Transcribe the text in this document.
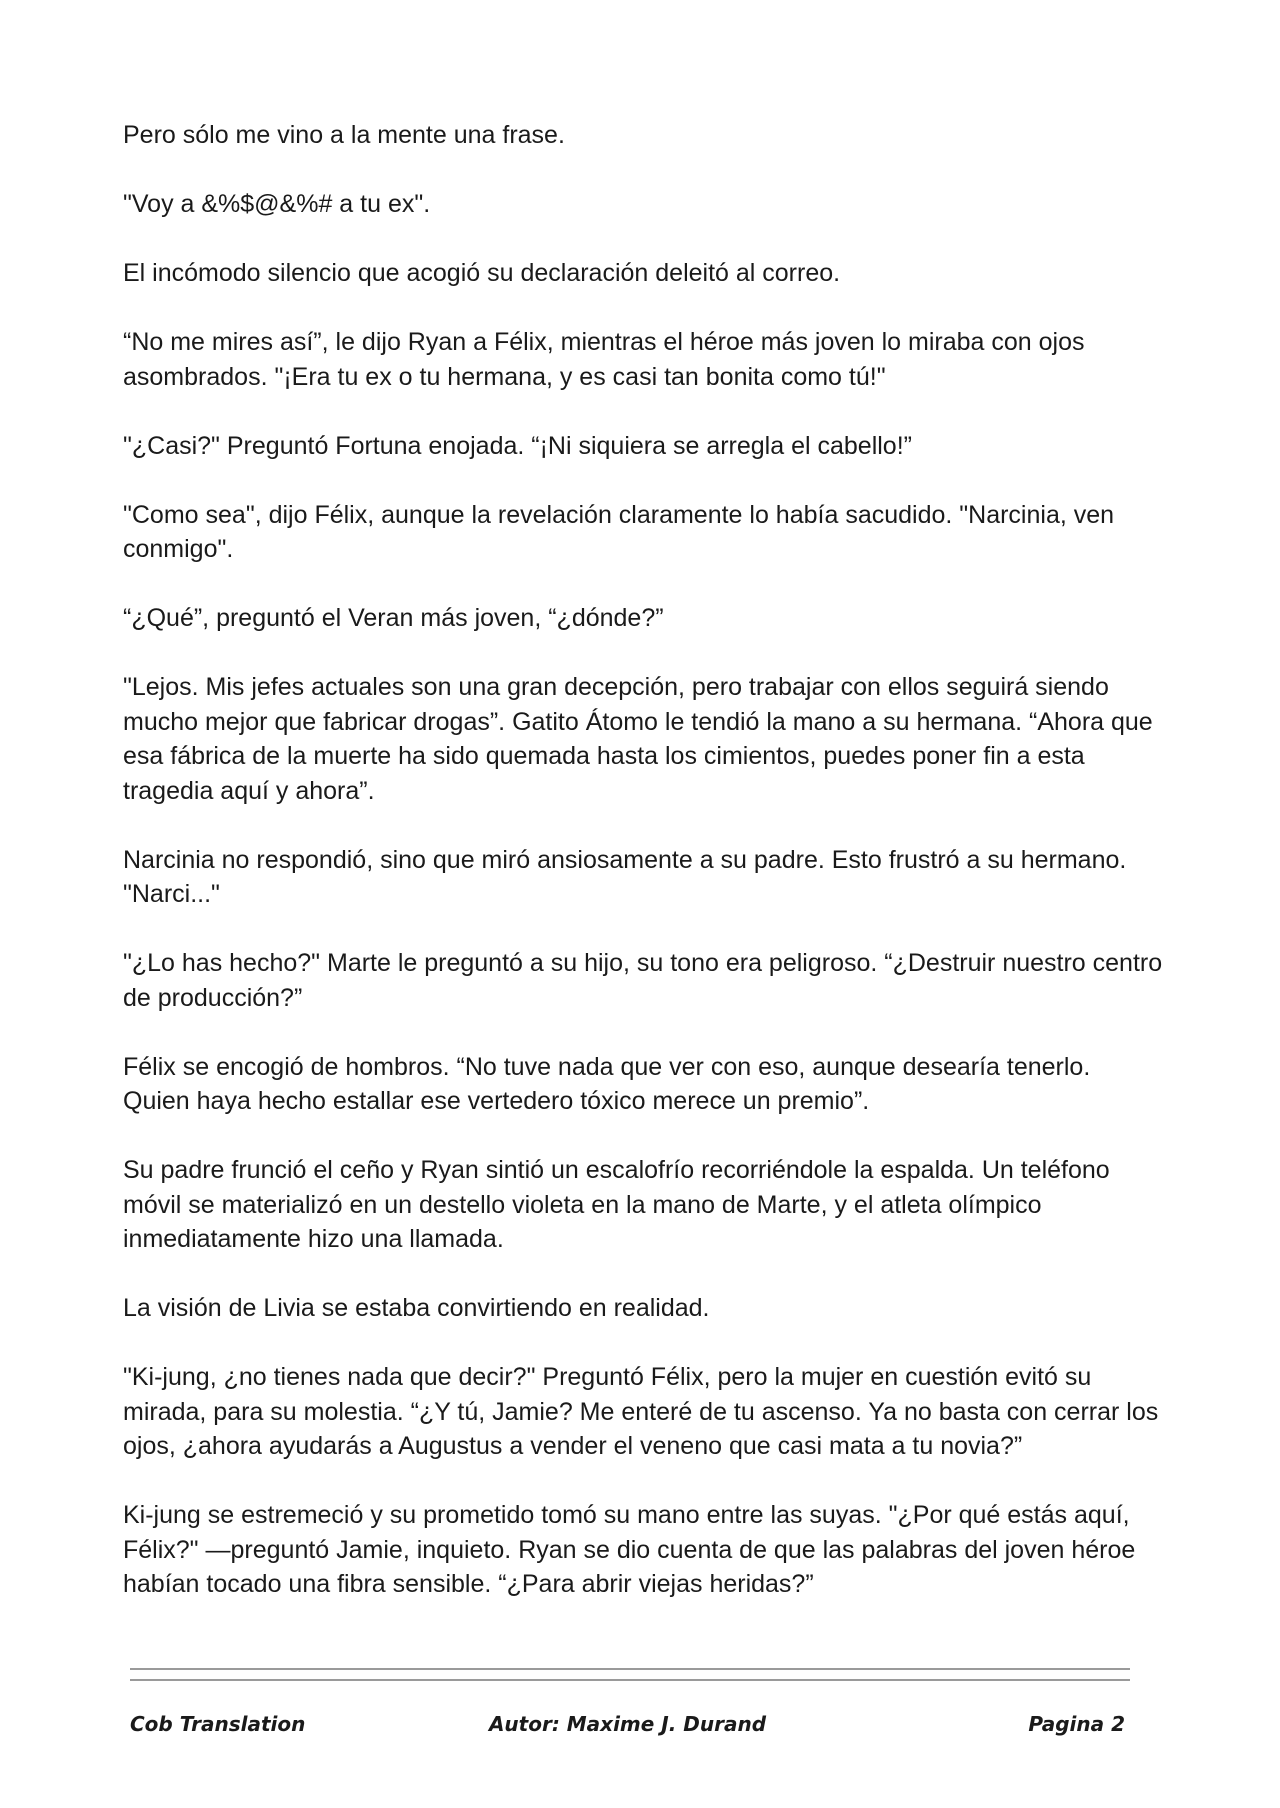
Pero sólo me vino a la mente una frase.

"Voy a &%$@&%# a tu ex".

El incómodo silencio que acogió su declaración deleitó al correo.

“No me mires así”, le dijo Ryan a Félix, mientras el héroe más joven lo miraba con ojos asombrados. "¡Era tu ex o tu hermana, y es casi tan bonita como tú!"

"¿Casi?" Preguntó Fortuna enojada. “¡Ni siquiera se arregla el cabello!”

"Como sea", dijo Félix, aunque la revelación claramente lo había sacudido. "Narcinia, ven conmigo".

“¿Qué”, preguntó el Veran más joven, “¿dónde?”

"Lejos. Mis jefes actuales son una gran decepción, pero trabajar con ellos seguirá siendo mucho mejor que fabricar drogas”. Gatito Átomo le tendió la mano a su hermana. “Ahora que esa fábrica de la muerte ha sido quemada hasta los cimientos, puedes poner fin a esta tragedia aquí y ahora”.

Narcinia no respondió, sino que miró ansiosamente a su padre. Esto frustró a su hermano. "Narci..."

"¿Lo has hecho?" Marte le preguntó a su hijo, su tono era peligroso. “¿Destruir nuestro centro de producción?”

Félix se encogió de hombros. “No tuve nada que ver con eso, aunque desearía tenerlo. Quien haya hecho estallar ese vertedero tóxico merece un premio”.

Su padre frunció el ceño y Ryan sintió un escalofrío recorriéndole la espalda. Un teléfono móvil se materializó en un destello violeta en la mano de Marte, y el atleta olímpico inmediatamente hizo una llamada.

La visión de Livia se estaba convirtiendo en realidad.

"Ki-jung, ¿no tienes nada que decir?" Preguntó Félix, pero la mujer en cuestión evitó su mirada, para su molestia. “¿Y tú, Jamie? Me enteré de tu ascenso. Ya no basta con cerrar los ojos, ¿ahora ayudarás a Augustus a vender el veneno que casi mata a tu novia?”

Ki-jung se estremeció y su prometido tomó su mano entre las suyas. "¿Por qué estás aquí, Félix?" —preguntó Jamie, inquieto. Ryan se dio cuenta de que las palabras del joven héroe habían tocado una fibra sensible. “¿Para abrir viejas heridas?”

Cob Translation	Autor: Maxime J. Durand	Pagina 2
